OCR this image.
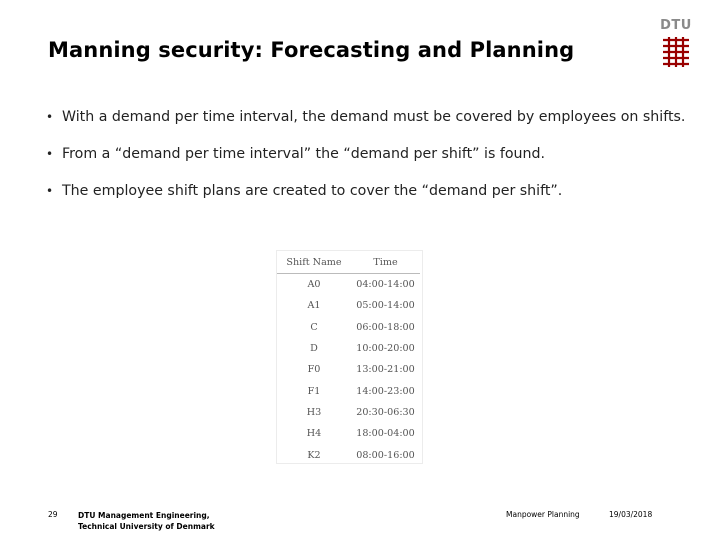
Manning security: Forecasting and Planning
DTU
• With a demand per time interval, the demand must be covered by employees on shifts.
• From a “demand per time interval” the “demand per shift” is found.
• The employee shift plans are created to cover the “demand per shift”.
Shift Name	Time
A0	04:00-14:00
A1	05:00-14:00
C	06:00-18:00
D	10:00-20:00
F0	13:00-21:00
F1	14:00-23:00
H3	20:30-06:30
H4	18:00-04:00
K2	08:00-16:00
29	DTU Management Engineering,
Technical University of Denmark
Manpower Planning	19/03/2018
